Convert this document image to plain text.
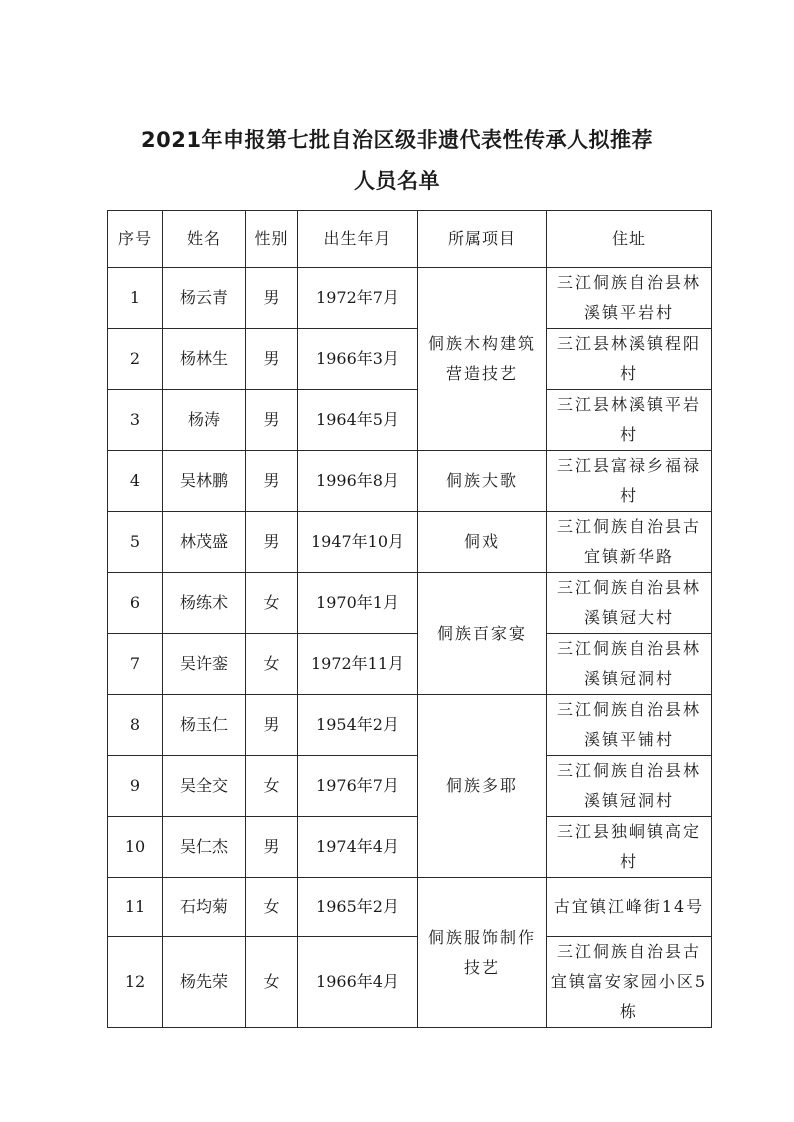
2021年申报第七批自治区级非遗代表性传承人拟推荐
人员名单
序号	姓名	性别	出生年月	所属项目	住址
1	杨云青	男	1972年7月	侗族木构建筑营造技艺	三江侗族自治县林溪镇平岩村
2	杨林生	男	1966年3月		三江县林溪镇程阳村
3	杨涛	男	1964年5月		三江县林溪镇平岩村
4	吴林鹏	男	1996年8月	侗族大歌	三江县富禄乡福禄村
5	林茂盛	男	1947年10月	侗戏	三江侗族自治县古宜镇新华路
6	杨练术	女	1970年1月	侗族百家宴	三江侗族自治县林溪镇冠大村
7	吴许銮	女	1972年11月		三江侗族自治县林溪镇冠洞村
8	杨玉仁	男	1954年2月	侗族多耶	三江侗族自治县林溪镇平铺村
9	吴全交	女	1976年7月		三江侗族自治县林溪镇冠洞村
10	吴仁杰	男	1974年4月		三江县独峒镇高定村
11	石均菊	女	1965年2月	侗族服饰制作技艺	古宜镇江峰街14号
12	杨先荣	女	1966年4月		三江侗族自治县古宜镇富安家园小区5栋
